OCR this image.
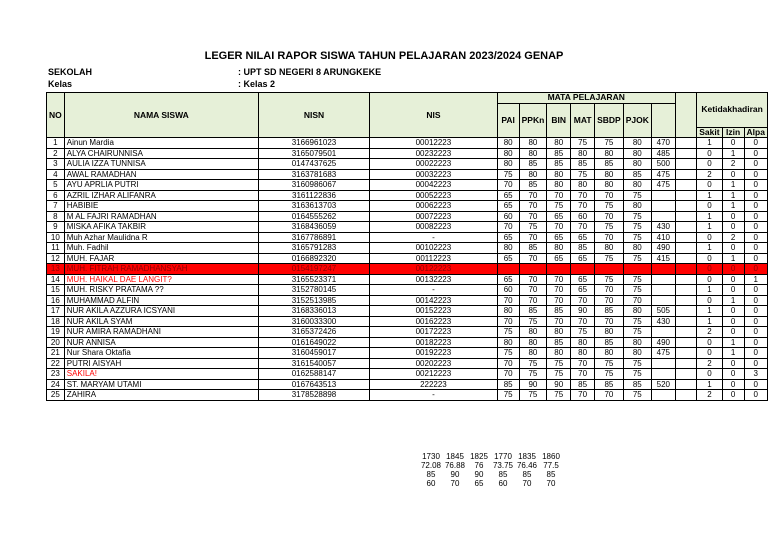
LEGER NILAI RAPOR SISWA TAHUN PELAJARAN 2023/2024 GENAP
SEKOLAH	: UPT SD NEGERI 8 ARUNGKEKE
Kelas	: Kelas 2
NO	NAMA SISWA	NISN	NIS	MATA PELAJARAN								Ketidakhadiran		
				PAI	PPKn	BIN	MAT	SBDP	PJOK					
												Sakit	Izin	Alpa
1	Ainun Mardia	3166961023	00012223	80	80	80	75	75	80	470		1	0	0
2	ALYA CHAIRUNNISA	3165079501	00232223	80	80	85	80	80	80	485		0	1	0
3	AULIA IZZA TUNNISA	0147437625	00022223	80	85	85	85	85	80	500		0	2	0
4	AWAL RAMADHAN	3163781683	00032223	75	80	80	75	80	85	475		2	0	0
5	AYU APRLIA PUTRI	3160986067	00042223	70	85	80	80	80	80	475		0	1	0
6	AZRIL IZHAR ALIFANRA	3161122836	00052223	65	70	70	70	70	75			1	1	0
7	HABIBIE	3163613703	00062223	65	70	75	70	75	80			0	1	0
8	M AL FAJRI RAMADHAN	0164555262	00072223	60	70	65	60	70	75			1	0	0
9	MISKA AFIKA TAKBIR	3168436059	00082223	70	75	70	70	75	75	430		1	0	0
10	Muh Azhar Maulidna R	3167786891	-	65	70	65	65	70	75	410		0	2	0
11	Muh. Fadhil	3165791283	00102223	80	85	80	85	80	80	490		1	0	0
12	MUH. FAJAR	0166892320	00112223	65	70	65	65	75	75	415		0	1	0
13	MUH. FITRAH RAMADHANSYAH	0154197247	00122223									0	0	0
14	MUH. HAIKAL DAE LANGIT?	3165523371	00132223	65	70	70	65	75	75			0	0	1
15	MUH. RISKY PRATAMA ??	3152780145	-	60	70	70	65	70	75			1	0	0
16	MUHAMMAD ALFIN	3152513985	00142223	70	70	70	70	70	70			0	1	0
17	NUR AKILA AZZURA ICSYANI	3168336013	00152223	80	85	85	90	85	80	505		1	0	0
18	NUR AKILA SYAM	3160033300	00162223	70	75	70	70	70	75	430		1	0	0
19	NUR AMIRA RAMADHANI	3165372426	00172223	75	80	80	75	80	75			2	0	0
20	NUR ANNISA	0161649022	00182223	80	80	85	80	85	80	490		0	1	0
21	Nur Shara Oktafia	3160459017	00192223	75	80	80	80	80	80	475		0	1	0
22	PUTRI AISYAH	3161540057	00202223	70	75	75	70	75	75			2	0	0
23	SAKILA!	0162588147	00212223	70	75	75	70	75	75			0	0	3
24	ST. MARYAM UTAMI	0167643513	222223	85	90	90	85	85	85	520		1	0	0
25	ZAHIRA	3178528898	-	75	75	75	70	70	75			2	0	0
1730 1845 1825 1770 1835 1860
72.08 76.88	76	73.75 76.46 77.5
85	90	90	85	85	85
60	70	65	60	70	70
